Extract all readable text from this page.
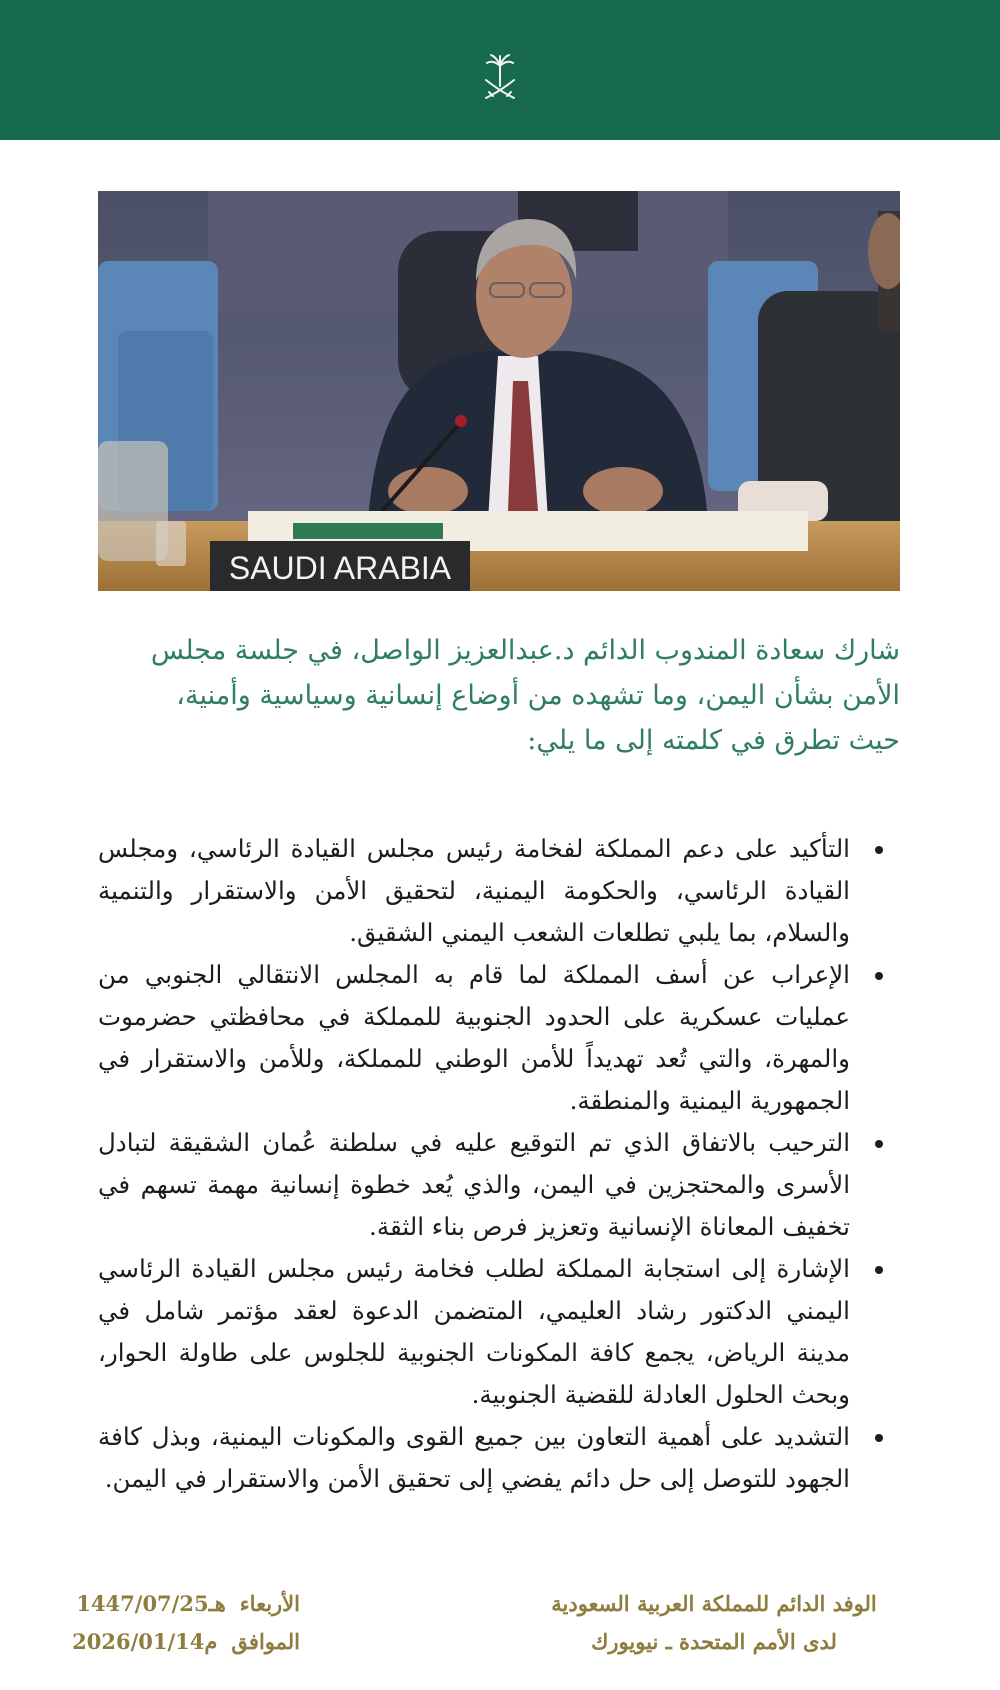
SAUDI ARABIA
شارك سعادة المندوب الدائم د.عبدالعزيز الواصل، في جلسة مجلس
الأمن بشأن اليمن، وما تشهده من أوضاع إنسانية وسياسية وأمنية،
حيث تطرق في كلمته إلى ما يلي:
التأكيد على دعم المملكة لفخامة رئيس مجلس القيادة الرئاسي، ومجلس القيادة الرئاسي، والحكومة اليمنية، لتحقيق الأمن والاستقرار والتنمية والسلام، بما يلبي تطلعات الشعب اليمني الشقيق.
الإعراب عن أسف المملكة لما قام به المجلس الانتقالي الجنوبي من عمليات عسكرية على الحدود الجنوبية للمملكة في محافظتي حضرموت والمهرة، والتي تُعد تهديداً للأمن الوطني للمملكة، وللأمن والاستقرار في الجمهورية اليمنية والمنطقة.
الترحيب بالاتفاق الذي تم التوقيع عليه في سلطنة عُمان الشقيقة لتبادل الأسرى والمحتجزين في اليمن، والذي يُعد خطوة إنسانية مهمة تسهم في تخفيف المعاناة الإنسانية وتعزيز فرص بناء الثقة.
الإشارة إلى استجابة المملكة لطلب فخامة رئيس مجلس القيادة الرئاسي اليمني الدكتور رشاد العليمي، المتضمن الدعوة لعقد مؤتمر شامل في مدينة الرياض، يجمع كافة المكونات الجنوبية للجلوس على طاولة الحوار، وبحث الحلول العادلة للقضية الجنوبية.
التشديد على أهمية التعاون بين جميع القوى والمكونات اليمنية، وبذل كافة الجهود للتوصل إلى حل دائم يفضي إلى تحقيق الأمن والاستقرار في اليمن.
الوفد الدائم للمملكة العربية السعودية
لدى الأمم المتحدة ـ نيويورك
الأربعاء
1447/07/25هـ
الموافق
2026/01/14م
